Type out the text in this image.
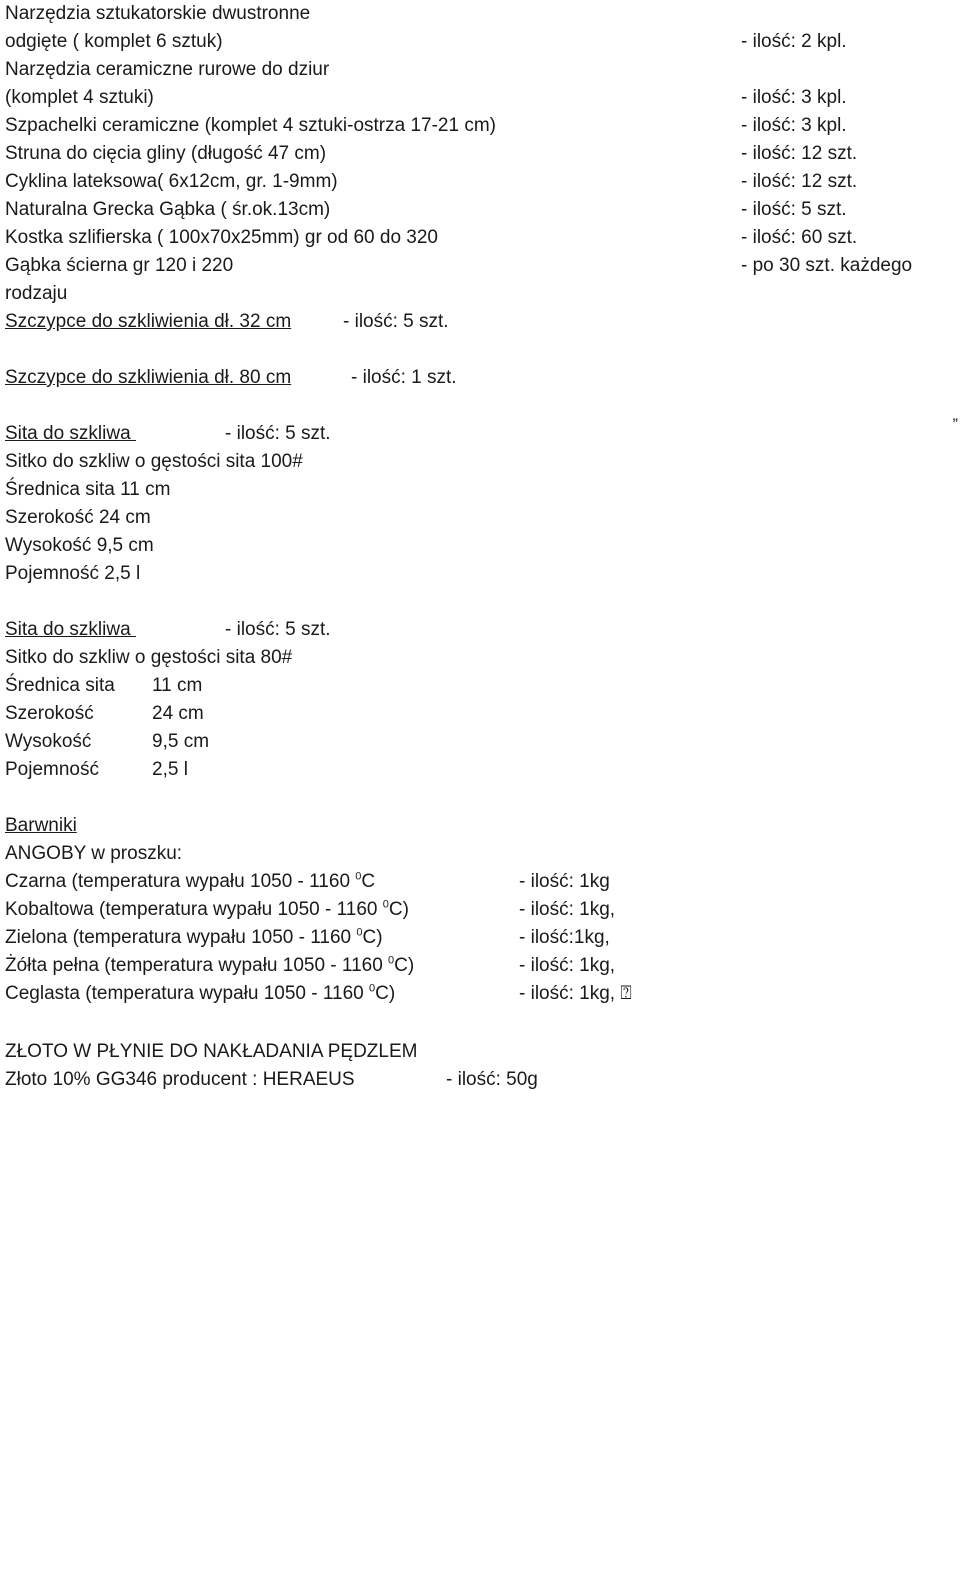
Narzędzia sztukatorskie dwustronne
odgięte ( komplet 6 sztuk)	- ilość: 2 kpl.
Narzędzia ceramiczne rurowe do dziur
(komplet 4 sztuki)	- ilość: 3 kpl.
Szpachelki ceramiczne (komplet 4 sztuki-ostrza 17-21 cm)	- ilość: 3 kpl.
Struna do cięcia gliny (długość 47 cm)	- ilość: 12 szt.
Cyklina lateksowa( 6x12cm, gr. 1-9mm)	- ilość: 12 szt.
Naturalna Grecka Gąbka ( śr.ok.13cm)	- ilość: 5 szt.
Kostka szlifierska ( 100x70x25mm) gr od 60 do 320	- ilość: 60 szt.
Gąbka ścierna gr 120 i 220	- po 30 szt. każdego
rodzaju
Szczypce do szkliwienia dł. 32 cm	- ilość: 5 szt.
Szczypce do szkliwienia dł. 80 cm	- ilość: 1 szt.
Sita do szkliwa	- ilość: 5 szt.
Sitko do szkliw o gęstości sita 100#
Średnica sita 11 cm
Szerokość 24 cm
Wysokość 9,5 cm
Pojemność 2,5 l
„
Sita do szkliwa	- ilość: 5 szt.
Sitko do szkliw o gęstości sita 80#
Średnica sita 11 cm
Szerokość	24 cm
Wysokość	9,5 cm
Pojemność	2,5 l
Barwniki
ANGOBY w proszku:
Czarna (temperatura wypału 1050 - 1160 $^0$C	- ilość: 1kg
Kobaltowa (temperatura wypału 1050 - 1160 $^0$C)	- ilość: 1kg,
Zielona (temperatura wypału 1050 - 1160 $^0$C)	- ilość:1kg,
Żółta pełna (temperatura wypału 1050 - 1160 $^0$C)	- ilość: 1kg,
Ceglasta (temperatura wypału 1050 - 1160 $^0$C)	- ilość: 1kg, ⍰
ZŁOTO W PŁYNIE DO NAKŁADANIA PĘDZLEM
Złoto 10% GG346 producent : HERAEUS	- ilość: 50g
